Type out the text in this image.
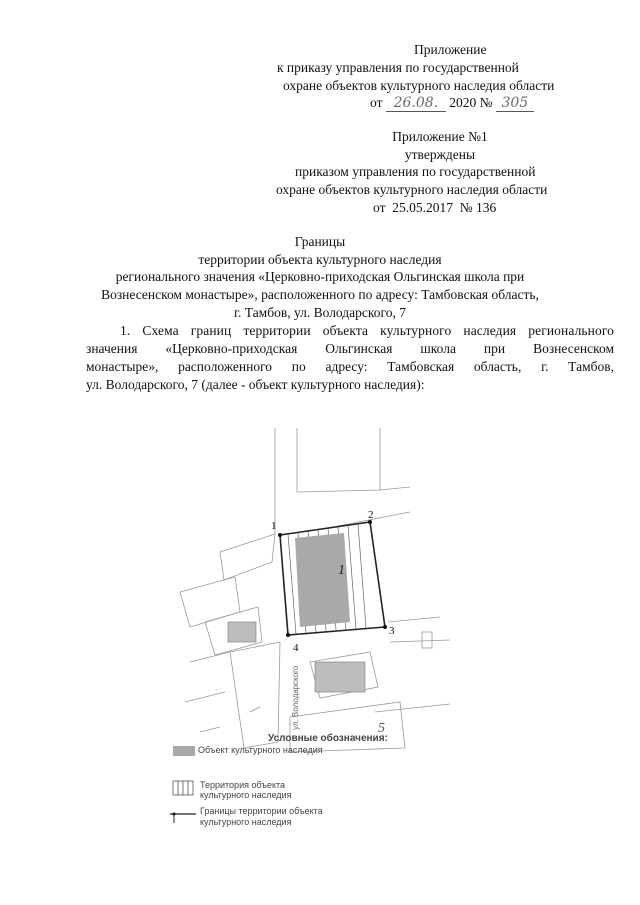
Приложение
к приказу управления по государственной
охране объектов культурного наследия области
от 26.08. 2020 № 305
Приложение №1
утверждены
приказом управления по государственной
охране объектов культурного наследия области
от  25.05.2017  № 136
Границы
территории объекта культурного наследия
регионального значения «Церковно-приходская Ольгинская школа при
Вознесенском монастыре», расположенного по адресу: Тамбовская область,
г. Тамбов, ул. Володарского, 7
1. Схема границ территории объекта культурного наследия регионального
значения  «Церковно-приходская  Ольгинская  школа  при  Вознесенском
монастыре»,  расположенного  по  адресу:  Тамбовская  область,  г.  Тамбов,
ул. Володарского, 7 (далее - объект культурного наследия):
1
2
3
4
1
5
ул. Володарского
Условные обозначения:
Объект культурного наследия
Территория объекта
культурного наследия
Границы территории объекта
культурного наследия
